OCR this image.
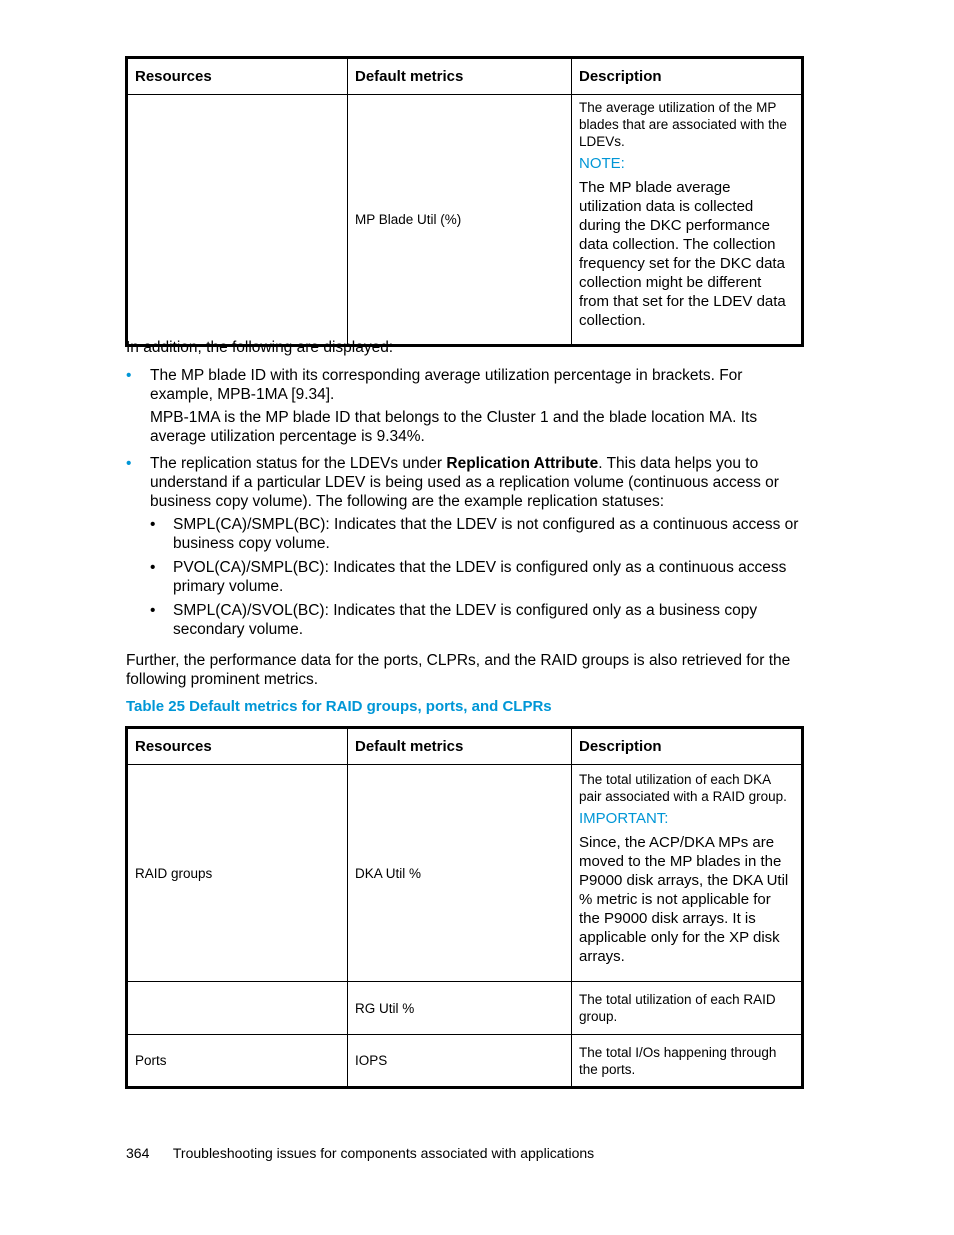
Resources	Default metrics	Description
	MP Blade Util (%)	The average utilization of the MP blades that are associated with the LDEVs.
NOTE:
The MP blade average utilization data is collected during the DKC performance data collection. The collection frequency set for the DKC data collection might be different from that set for the LDEV data collection.
In addition, the following are displayed:
• The MP blade ID with its corresponding average utilization percentage in brackets. For example, MPB-1MA [9.34].
MPB-1MA is the MP blade ID that belongs to the Cluster 1 and the blade location MA. Its average utilization percentage is 9.34%.
• The replication status for the LDEVs under Replication Attribute. This data helps you to understand if a particular LDEV is being used as a replication volume (continuous access or business copy volume). The following are the example replication statuses:
• SMPL(CA)/SMPL(BC): Indicates that the LDEV is not configured as a continuous access or business copy volume.
• PVOL(CA)/SMPL(BC): Indicates that the LDEV is configured only as a continuous access primary volume.
• SMPL(CA)/SVOL(BC): Indicates that the LDEV is configured only as a business copy secondary volume.
Further, the performance data for the ports, CLPRs, and the RAID groups is also retrieved for the following prominent metrics.
Table 25 Default metrics for RAID groups, ports, and CLPRs
Resources	Default metrics	Description
RAID groups	DKA Util %	The total utilization of each DKA pair associated with a RAID group.
IMPORTANT:
Since, the ACP/DKA MPs are moved to the MP blades in the P9000 disk arrays, the DKA Util % metric is not applicable for the P9000 disk arrays. It is applicable only for the XP disk arrays.

	RG Util %	The total utilization of each RAID group.
Ports	IOPS	The total I/Os happening through the ports.
364 Troubleshooting issues for components associated with applications
